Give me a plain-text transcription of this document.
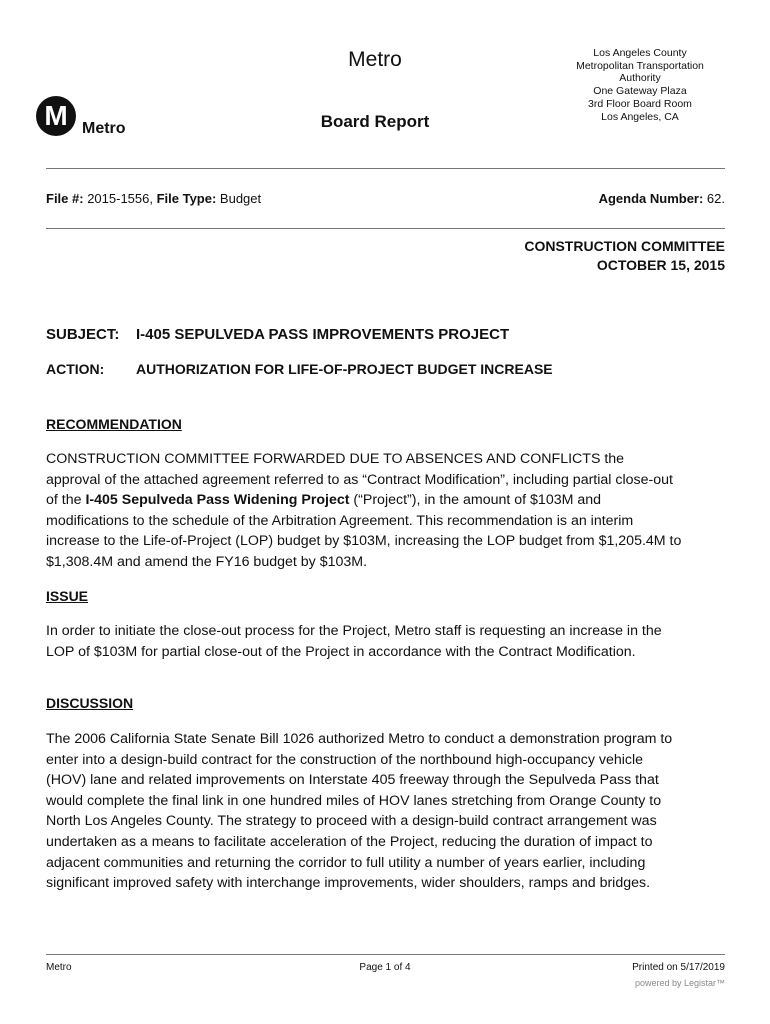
Metro
Board Report
M Metro
Los Angeles County
Metropolitan Transportation
Authority
One Gateway Plaza
3rd Floor Board Room
Los Angeles, CA
File #: 2015-1556, File Type: Budget	Agenda Number: 62.
CONSTRUCTION COMMITTEE
OCTOBER 15, 2015
SUBJECT: I-405 SEPULVEDA PASS IMPROVEMENTS PROJECT
ACTION: AUTHORIZATION FOR LIFE-OF-PROJECT BUDGET INCREASE
RECOMMENDATION
CONSTRUCTION COMMITTEE FORWARDED DUE TO ABSENCES AND CONFLICTS the
approval of the attached agreement referred to as “Contract Modification”, including partial close-out
of the I-405 Sepulveda Pass Widening Project (“Project”), in the amount of $103M and
modifications to the schedule of the Arbitration Agreement. This recommendation is an interim
increase to the Life-of-Project (LOP) budget by $103M, increasing the LOP budget from $1,205.4M to
$1,308.4M and amend the FY16 budget by $103M.
ISSUE
In order to initiate the close-out process for the Project, Metro staff is requesting an increase in the
LOP of $103M for partial close-out of the Project in accordance with the Contract Modification.
DISCUSSION
The 2006 California State Senate Bill 1026 authorized Metro to conduct a demonstration program to
enter into a design-build contract for the construction of the northbound high-occupancy vehicle
(HOV) lane and related improvements on Interstate 405 freeway through the Sepulveda Pass that
would complete the final link in one hundred miles of HOV lanes stretching from Orange County to
North Los Angeles County. The strategy to proceed with a design-build contract arrangement was
undertaken as a means to facilitate acceleration of the Project, reducing the duration of impact to
adjacent communities and returning the corridor to full utility a number of years earlier, including
significant improved safety with interchange improvements, wider shoulders, ramps and bridges.
Metro	Page 1 of 4	Printed on 5/17/2019
powered by Legistar™
